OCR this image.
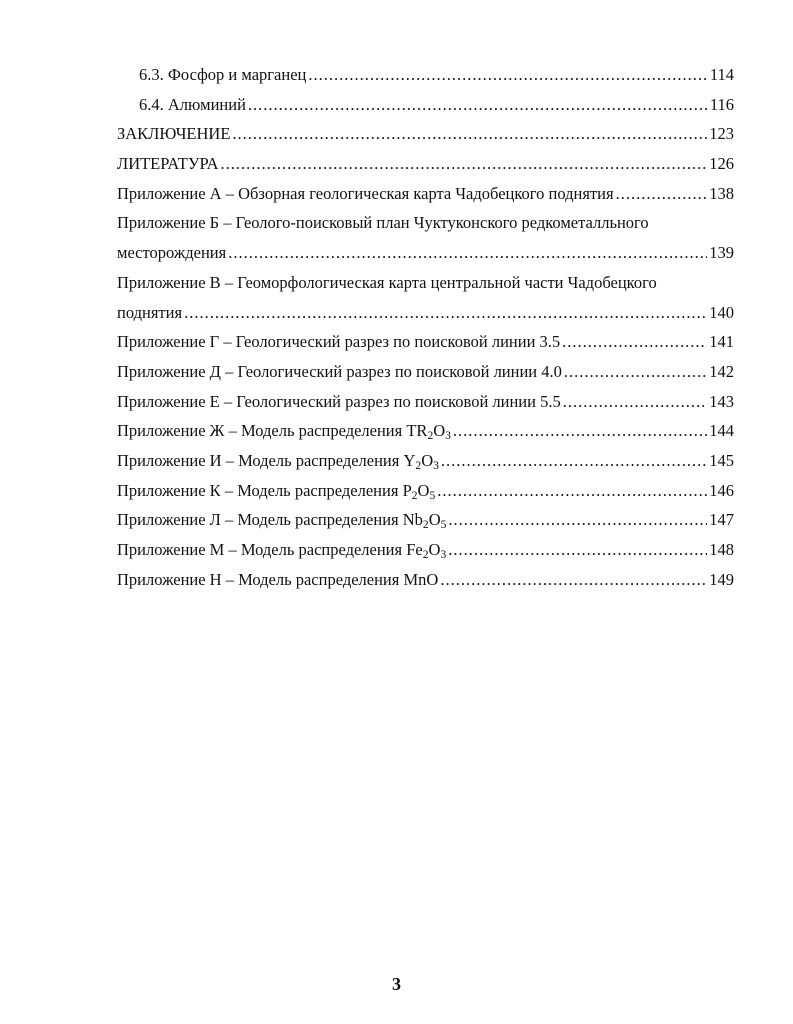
6.3. Фосфор и марганец .....	114
6.4. Алюминий .....	116
ЗАКЛЮЧЕНИЕ .....	123
ЛИТЕРАТУРА .....	126
Приложение А – Обзорная геологическая карта Чадобецкого поднятия .....	138
Приложение Б – Геолого-поисковый план Чуктуконского редкометалльного
месторождения .....	139
Приложение В – Геоморфологическая карта центральной части Чадобецкого
поднятия .....	140
Приложение Г – Геологический разрез по поисковой линии 3.5 .....	141
Приложение Д – Геологический разрез по поисковой линии 4.0 .....	142
Приложение Е – Геологический разрез по поисковой линии 5.5 .....	143
Приложение Ж – Модель распределения $TR_2O_3$ .....	144
Приложение И – Модель распределения $Y_2O_3$ .....	145
Приложение К – Модель распределения $P_2O_5$ .....	146
Приложение Л – Модель распределения $Nb_2O_5$ .....	147
Приложение М – Модель распределения $Fe_2O_3$ .....	148
Приложение Н – Модель распределения MnO .....	149
3
